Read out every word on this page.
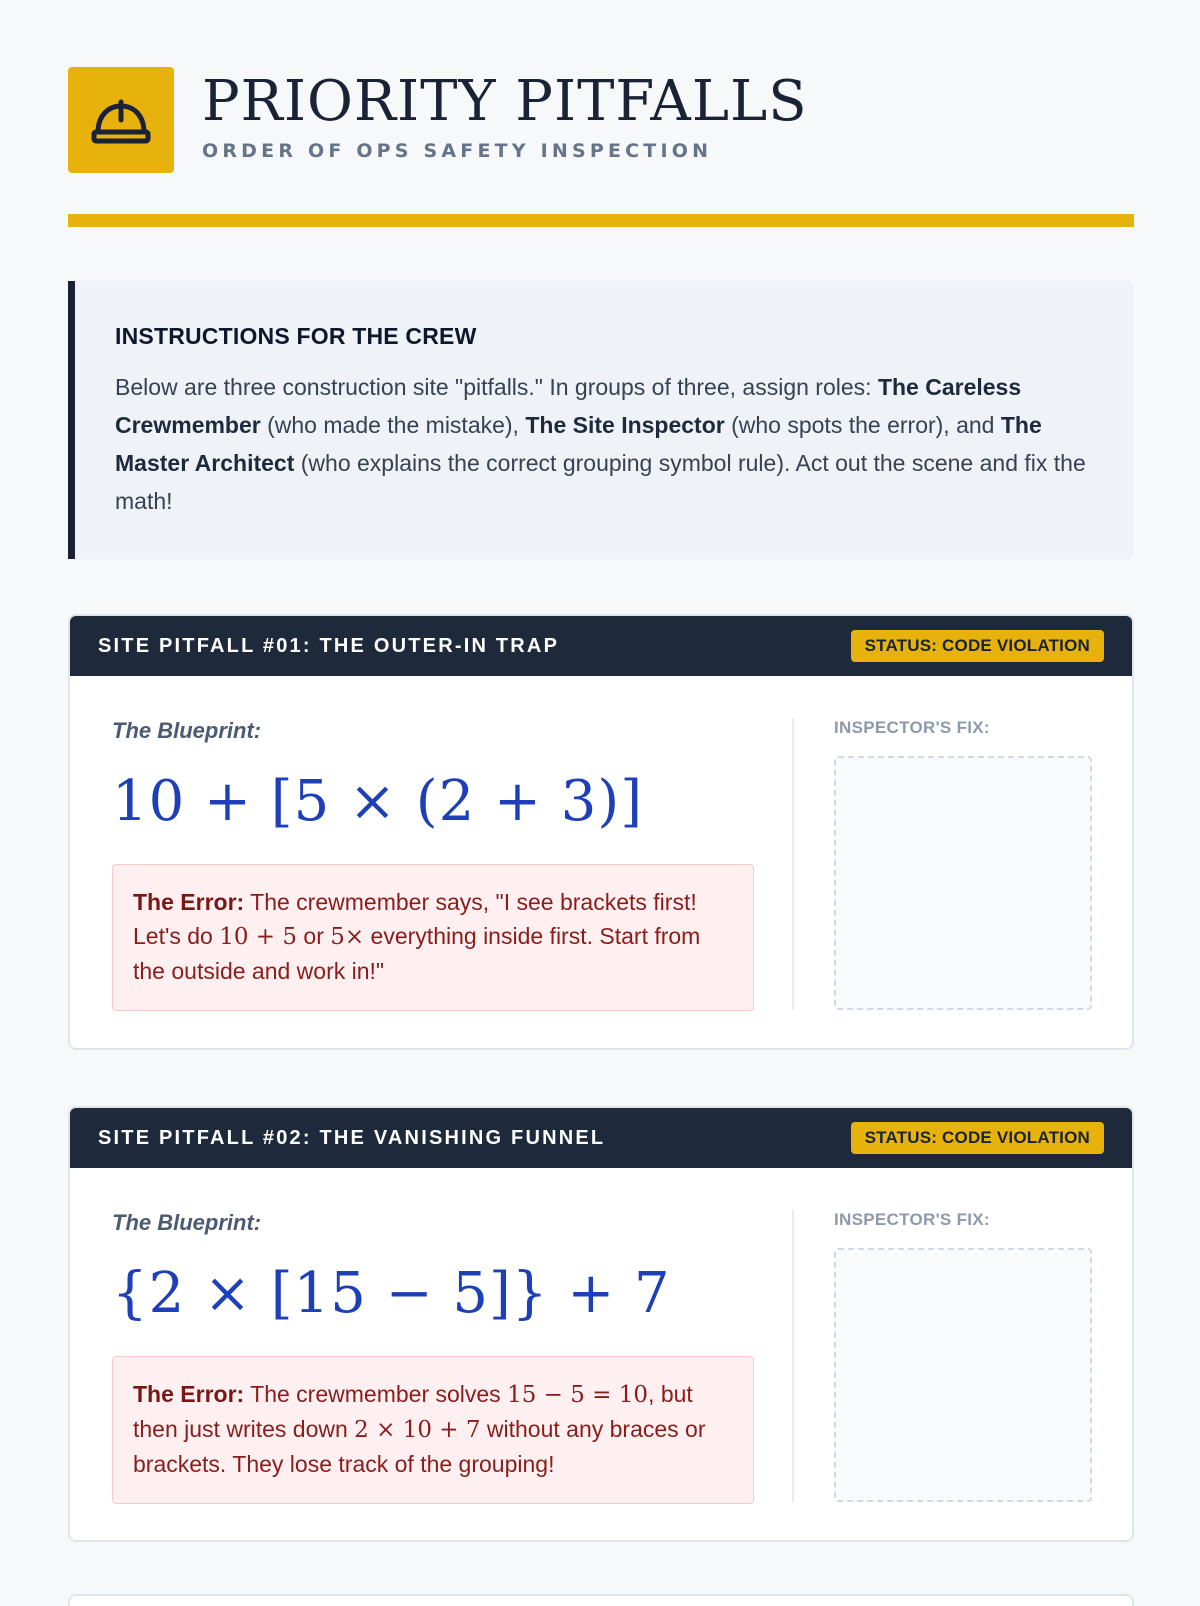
PRIORITY PITFALLS
ORDER OF OPS SAFETY INSPECTION
INSTRUCTIONS FOR THE CREW
Below are three construction site "pitfalls." In groups of three, assign roles: The Careless Crewmember (who made the mistake), The Site Inspector (who spots the error), and The Master Architect (who explains the correct grouping symbol rule). Act out the scene and fix the math!
SITE PITFALL #01: THE OUTER-IN TRAP	STATUS: CODE VIOLATION
The Blueprint:
10 + [5 × (2 + 3)]
The Error: The crewmember says, "I see brackets first! Let's do 10 + 5 or 5× everything inside first. Start from the outside and work in!"
INSPECTOR'S FIX:
SITE PITFALL #02: THE VANISHING FUNNEL	STATUS: CODE VIOLATION
The Blueprint:
{2 × [15 − 5]} + 7
The Error: The crewmember solves 15 − 5 = 10, but then just writes down 2 × 10 + 7 without any braces or brackets. They lose track of the grouping!
INSPECTOR'S FIX:
